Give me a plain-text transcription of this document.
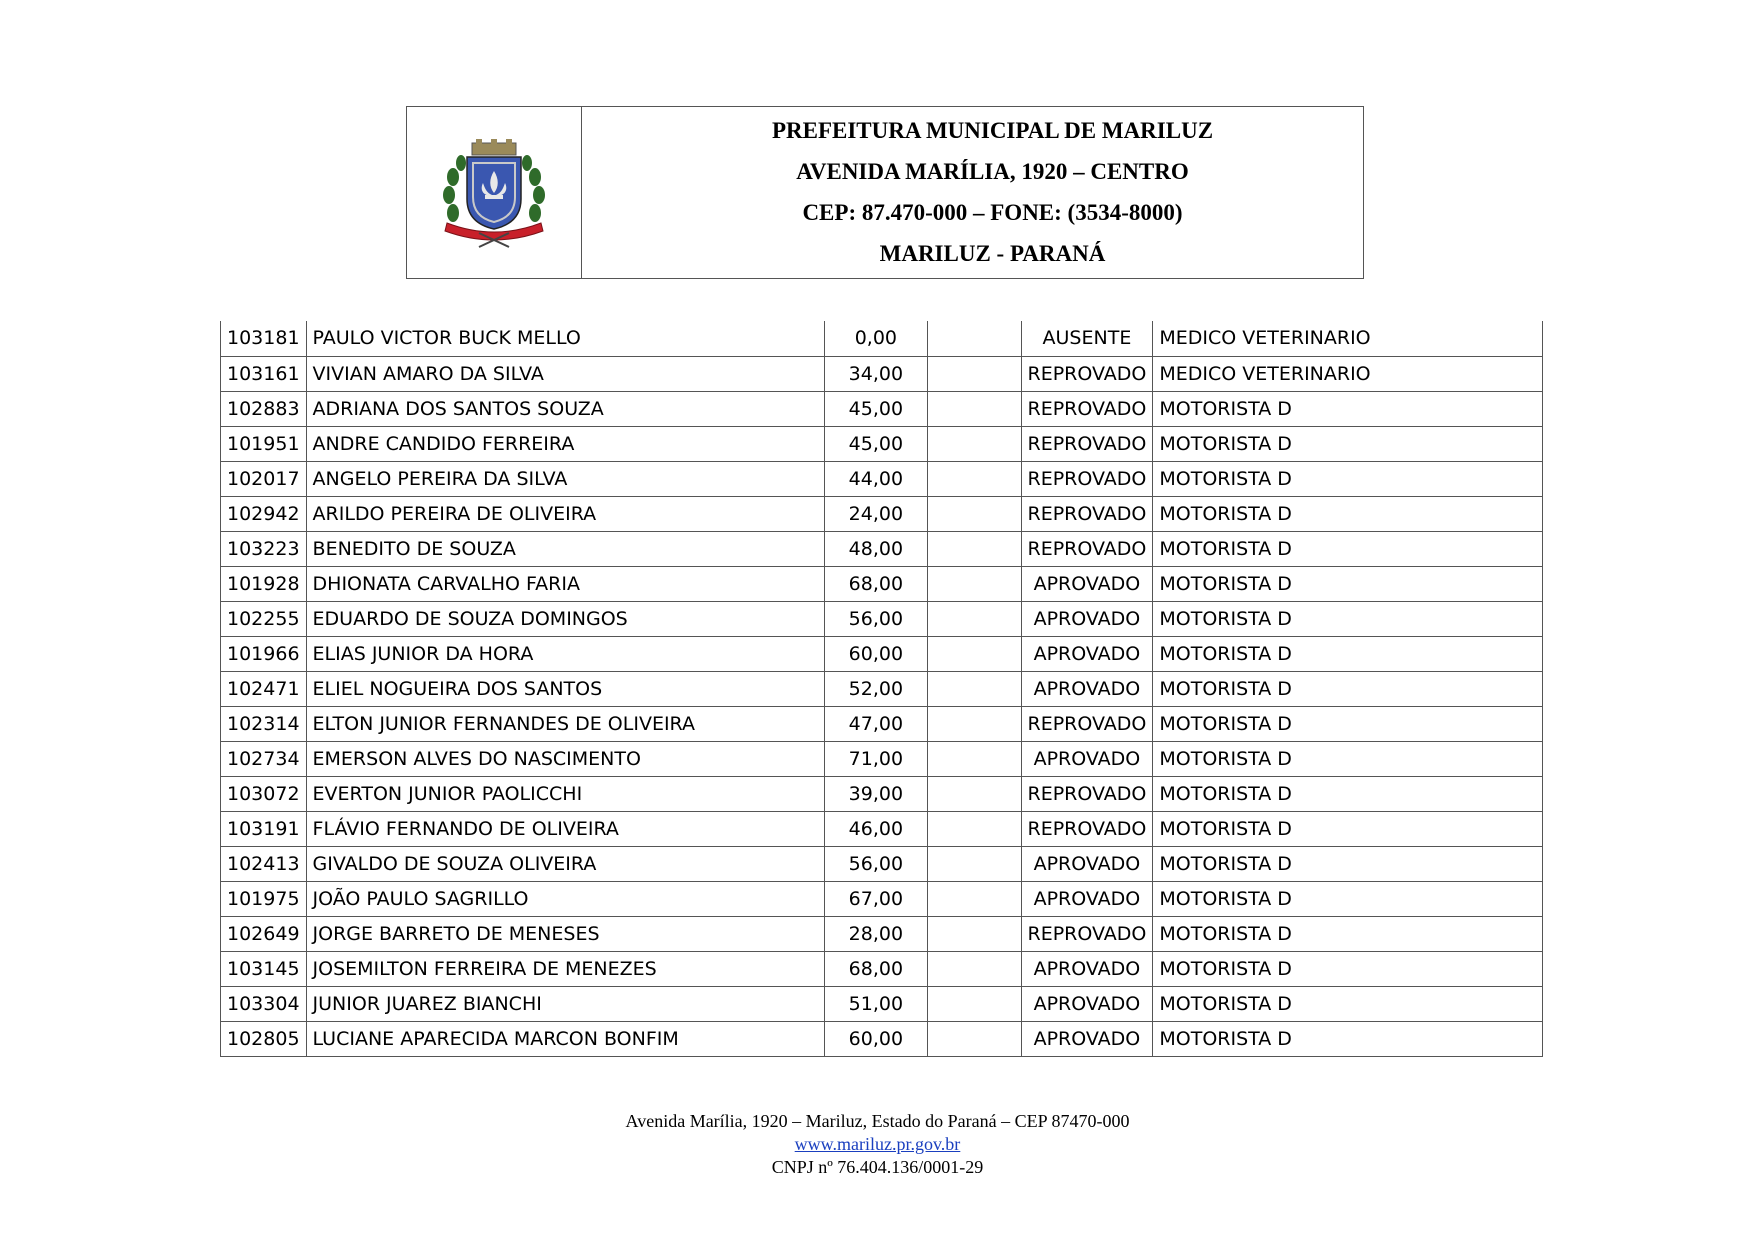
PREFEITURA MUNICIPAL DE MARILUZ
AVENIDA MARÍLIA, 1920 – CENTRO
CEP: 87.470-000 – FONE: (3534-8000)
MARILUZ - PARANÁ
103181	PAULO VICTOR BUCK MELLO	0,00		AUSENTE	MEDICO VETERINARIO
103161	VIVIAN AMARO DA SILVA	34,00		REPROVADO	MEDICO VETERINARIO
102883	ADRIANA DOS SANTOS SOUZA	45,00		REPROVADO	MOTORISTA D
101951	ANDRE CANDIDO FERREIRA	45,00		REPROVADO	MOTORISTA D
102017	ANGELO PEREIRA DA SILVA	44,00		REPROVADO	MOTORISTA D
102942	ARILDO PEREIRA DE OLIVEIRA	24,00		REPROVADO	MOTORISTA D
103223	BENEDITO DE SOUZA	48,00		REPROVADO	MOTORISTA D
101928	DHIONATA CARVALHO FARIA	68,00		APROVADO	MOTORISTA D
102255	EDUARDO DE SOUZA DOMINGOS	56,00		APROVADO	MOTORISTA D
101966	ELIAS JUNIOR DA HORA	60,00		APROVADO	MOTORISTA D
102471	ELIEL NOGUEIRA DOS SANTOS	52,00		APROVADO	MOTORISTA D
102314	ELTON JUNIOR FERNANDES DE OLIVEIRA	47,00		REPROVADO	MOTORISTA D
102734	EMERSON ALVES DO NASCIMENTO	71,00		APROVADO	MOTORISTA D
103072	EVERTON JUNIOR PAOLICCHI	39,00		REPROVADO	MOTORISTA D
103191	FLÁVIO FERNANDO DE OLIVEIRA	46,00		REPROVADO	MOTORISTA D
102413	GIVALDO DE SOUZA OLIVEIRA	56,00		APROVADO	MOTORISTA D
101975	JOÃO PAULO SAGRILLO	67,00		APROVADO	MOTORISTA D
102649	JORGE BARRETO DE MENESES	28,00		REPROVADO	MOTORISTA D
103145	JOSEMILTON FERREIRA DE MENEZES	68,00		APROVADO	MOTORISTA D
103304	JUNIOR JUAREZ BIANCHI	51,00		APROVADO	MOTORISTA D
102805	LUCIANE APARECIDA MARCON BONFIM	60,00		APROVADO	MOTORISTA D
Avenida Marília, 1920 – Mariluz, Estado do Paraná – CEP 87470-000
www.mariluz.pr.gov.br
CNPJ nº 76.404.136/0001-29
